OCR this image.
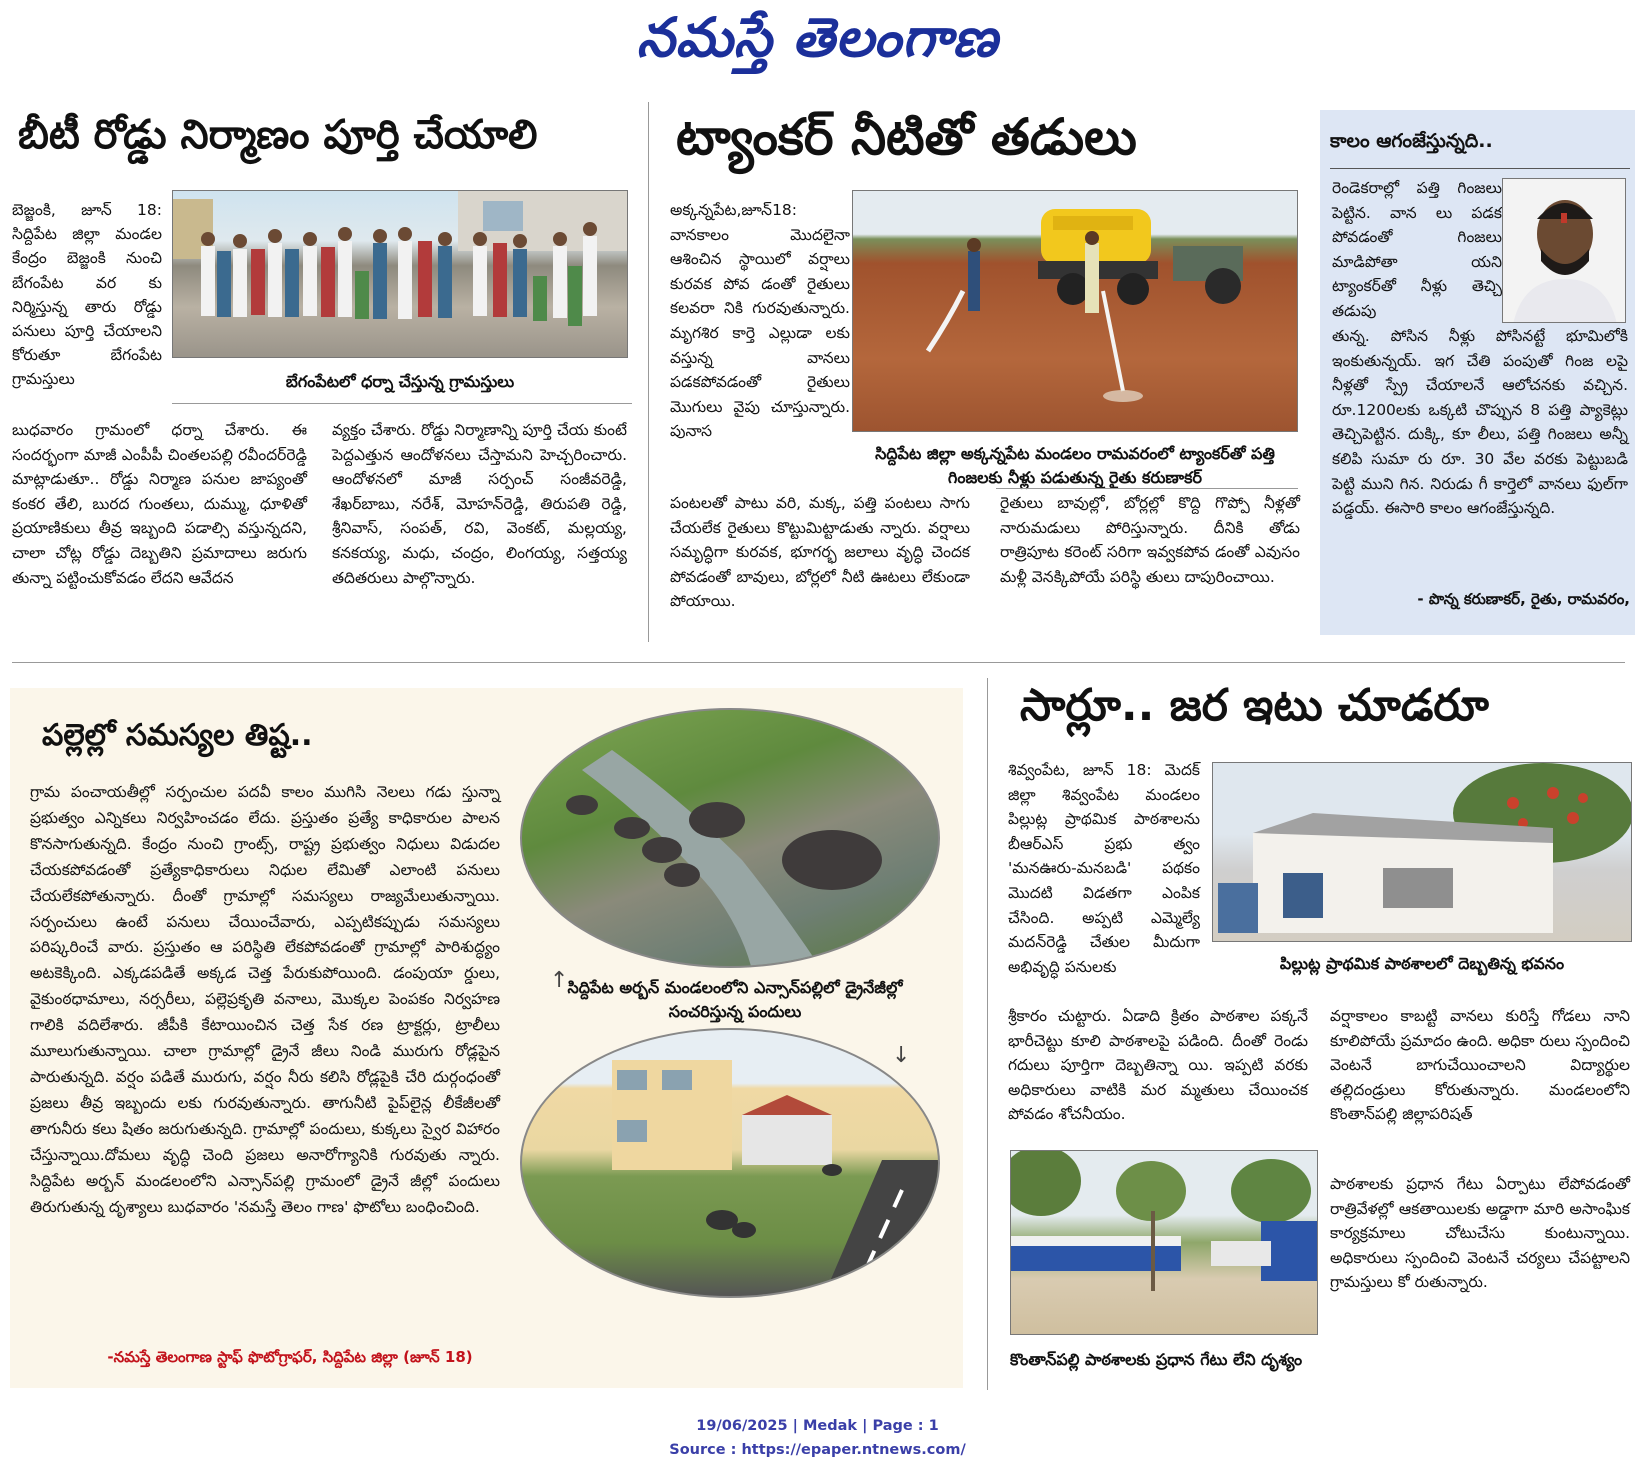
నమస్తే తెలంగాణ
బీటీ రోడ్డు నిర్మాణం పూర్తి చేయాలి
బెజ్జంకి, జూన్ 18: సిద్దిపేట జిల్లా మండల కేంద్రం బెజ్జంకి నుంచి బేగంపేట వర కు నిర్మిస్తున్న తారు రోడ్డు పనులు పూర్తి చేయాలని కోరుతూ బేగంపేట గ్రామస్తులు	బేగంపేటలో ధర్నా చేస్తున్న గ్రామస్తులు
బుధవారం గ్రామంలో ధర్నా చేశారు. ఈ సందర్భంగా మాజీ ఎంపీపీ చింతలపల్లి రవీందర్‌రెడ్డి మాట్లాడుతూ.. రోడ్డు నిర్మాణ పనుల జాప్యంతో కంకర తేలి, బురద గుంతలు, దుమ్ము, ధూళితో ప్రయాణికులు తీవ్ర ఇబ్బంది పడాల్సి వస్తున్నదని, చాలా చోట్ల రోడ్డు దెబ్బతిని ప్రమాదాలు జరుగు తున్నా పట్టించుకోవడం లేదని ఆవేదన
వ్యక్తం చేశారు. రోడ్డు నిర్మాణాన్ని పూర్తి చేయ కుంటే పెద్దఎత్తున ఆందోళనలు చేస్తామని హెచ్చరించారు. ఆందోళనలో మాజీ సర్పంచ్ సంజీవరెడ్డి, శేఖర్‌బాబు, నరేశ్, మోహన్‌రెడ్డి, తిరుపతి రెడ్డి, శ్రీనివాస్, సంపత్, రవి, వెంకట్, మల్లయ్య, కనకయ్య, మధు, చంద్రం, లింగయ్య, సత్తయ్య తదితరులు పాల్గొన్నారు.
ట్యాంకర్ నీటితో తడులు
అక్కన్నపేట,జూన్18: వానకాలం మొదలైనా ఆశించిన స్థాయిలో వర్షాలు కురవక పోవ డంతో రైతులు కలవరా నికి గురవుతున్నారు. మృగశిర కార్తె ఎల్లుడా లకు వస్తున్న వానలు పడకపోవడంతో రైతులు మొగులు వైపు చూస్తున్నారు. పునాస
సిద్దిపేట జిల్లా అక్కన్నపేట మండలం రామవరంలో ట్యాంకర్‌తో పత్తి గింజలకు నీళ్లు పడుతున్న రైతు కరుణాకర్
పంటలతో పాటు వరి, మక్క, పత్తి పంటలు సాగు చేయలేక రైతులు కొట్టుమిట్టాడుతు న్నారు. వర్షాలు సమృద్ధిగా కురవక, భూగర్భ జలాలు వృద్ధి చెందక పోవడంతో బావులు, బోర్లలో నీటి ఊటలు లేకుండా పోయాయి.
రైతులు బావుల్లో, బోర్లల్లో కొద్ది గొప్పో నీళ్లతో నారుమడులు పోరిస్తున్నారు. దీనికి తోడు రాత్రిపూట కరెంట్ సరిగా ఇవ్వకపోవ డంతో ఎవుసం మళ్లీ వెనక్కిపోయే పరిస్థి తులు దాపురించాయి.
కాలం ఆగంజేస్తున్నది..
రెండెకరాల్లో పత్తి గింజలు పెట్టిన. వాన లు పడక పోవడంతో గింజలు మాడిపోతా యని ట్యాంకర్‌తో నీళ్లు తెచ్చి తడుపు
తున్న. పోసిన నీళ్లు పోసినట్టే భూమిలోకి ఇంకుతున్నయ్. ఇగ చేతి పంపుతో గింజ లపై నీళ్లతో స్ప్రే చేయాలనే ఆలోచనకు వచ్చిన. రూ.1200లకు ఒక్కటి చొప్పున 8 పత్తి ప్యాకెట్లు తెచ్చిపెట్టిన. దుక్కి, కూ లీలు, పత్తి గింజలు అన్నీ కలిపి సుమా రు రూ. 30 వేల వరకు పెట్టుబడి పెట్టి ముని గిన. నిరుడు గీ కార్తెలో వానలు ఫుల్‌గా పడ్డయ్. ఈసారి కాలం ఆగంజేస్తున్నది.
- పొన్న కరుణాకర్, రైతు, రామవరం,
పల్లెల్లో సమస్యల తిష్ట..
గ్రామ పంచాయతీల్లో సర్పంచుల పదవీ కాలం ముగిసి నెలలు గడు స్తున్నా ప్రభుత్వం ఎన్నికలు నిర్వహించడం లేదు. ప్రస్తుతం ప్రత్యే కాధికారుల పాలన కొనసాగుతున్నది. కేంద్రం నుంచి గ్రాంట్స్, రాష్ట్ర ప్రభుత్వం నిధులు విడుదల చేయకపోవడంతో ప్రత్యేకాధికారులు నిధుల లేమితో ఎలాంటి పనులు చేయలేకపోతున్నారు. దీంతో గ్రామాల్లో సమస్యలు రాజ్యమేలుతున్నాయి. సర్పంచులు ఉంటే పనులు చేయించేవారు, ఎప్పటికప్పుడు సమస్యలు పరిష్కరించే వారు. ప్రస్తుతం ఆ పరిస్థితి లేకపోవడంతో గ్రామాల్లో పారిశుద్ధ్యం అటకెక్కింది. ఎక్కడపడితే అక్కడ చెత్త పేరుకుపోయింది. డంపుయా ర్డులు, వైకుంఠధామాలు, నర్సరీలు, పల్లెప్రకృతి వనాలు, మొక్కల పెంపకం నిర్వహణ గాలికి వదిలేశారు. జీపీకి కేటాయించిన చెత్త సేక రణ ట్రాక్టర్లు, ట్రాలీలు మూలుగుతున్నాయి. చాలా గ్రామాల్లో డ్రైనే జీలు నిండి మురుగు రోడ్లపైన పారుతున్నది. వర్షం పడితే మురుగు, వర్షం నీరు కలిసి రోడ్లపైకి చేరి దుర్గంధంతో ప్రజలు తీవ్ర ఇబ్బందు లకు గురవుతున్నారు. తాగునీటి పైప్‌లైన్ల లీకేజీలతో తాగునీరు కలు షితం జరుగుతున్నది. గ్రామాల్లో పందులు, కుక్కలు స్వైర విహారం చేస్తున్నాయి.దోమలు వృద్ధి చెంది ప్రజలు అనారోగ్యానికి గురవుతు న్నారు. సిద్దిపేట అర్బన్ మండలంలోని ఎన్సాన్‌పల్లి గ్రామంలో డ్రైనే జీల్లో పందులు తిరుగుతున్న దృశ్యాలు బుధవారం 'నమస్తే తెలం గాణ' ఫొటోలు బంధించింది.
సిద్దిపేట అర్బన్ మండలంలోని ఎన్సాన్‌పల్లిలో డ్రైనేజీల్లో సంచరిస్తున్న పందులు
↑
↓
-నమస్తే తెలంగాణ స్టాఫ్ ఫొటోగ్రాఫర్, సిద్దిపేట జిల్లా (జూన్ 18)
సార్లూ.. జర ఇటు చూడరూ
శివ్వంపేట, జూన్ 18: మెదక్ జిల్లా శివ్వంపేట మండలం పిల్లుట్ల ప్రాథమిక పాఠశాలను బీఆర్‌ఎస్ ప్రభు త్వం 'మనఊరు-మనబడి' పథకం మొదటి విడతగా ఎంపిక చేసింది. అప్పటి ఎమ్మెల్యే మదన్‌రెడ్డి చేతుల మీదుగా అభివృద్ధి పనులకు	పిల్లుట్ల ప్రాథమిక పాఠశాలలో దెబ్బతిన్న భవనం
శ్రీకారం చుట్టారు. ఏడాది క్రితం పాఠశాల పక్కనే భారీచెట్టు కూలి పాఠశాలపై పడింది. దీంతో రెండు గదులు పూర్తిగా దెబ్బతిన్నా యి. ఇప్పటి వరకు అధికారులు వాటికి మర మ్మతులు చేయించక పోవడం శోచనీయం.
వర్షాకాలం కాబట్టి వానలు కురిస్తే గోడలు నాని కూలిపోయే ప్రమాదం ఉంది. అధికా రులు స్పందించి వెంటనే బాగుచేయించాలని విద్యార్థుల తల్లిదండ్రులు కోరుతున్నారు. మండలంలోని కొంతాన్‌పల్లి జిల్లాపరిషత్
కొంతాన్‌పల్లి పాఠశాలకు ప్రధాన గేటు లేని దృశ్యం
పాఠశాలకు ప్రధాన గేటు ఏర్పాటు లేపోవడంతో రాత్రివేళల్లో ఆకతాయిలకు అడ్డాగా మారి అసాంఘిక కార్యక్రమాలు చోటుచేసు కుంటున్నాయి. అధికారులు స్పందించి వెంటనే చర్యలు చేపట్టాలని గ్రామస్తులు కో రుతున్నారు.
19/06/2025 | Medak | Page : 1
Source : https://epaper.ntnews.com/
